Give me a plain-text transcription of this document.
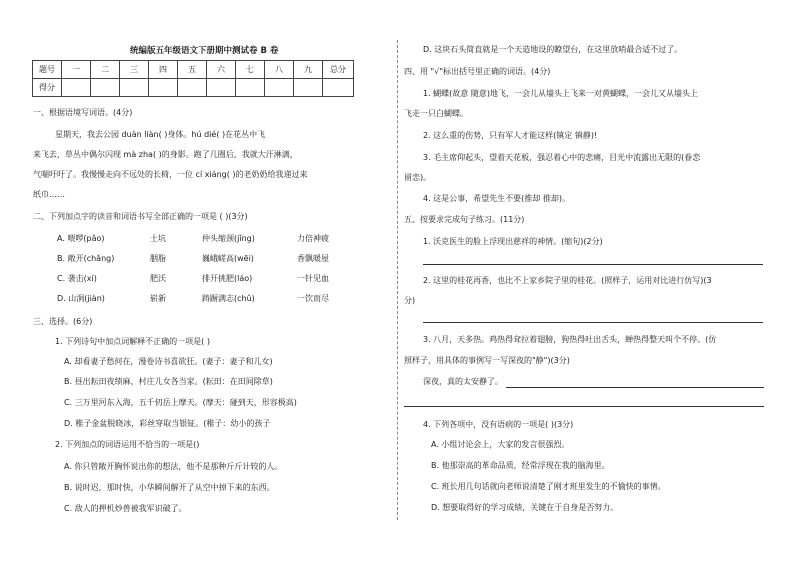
统编版五年级语文下册期中测试卷 B 卷
题号	一	二	三	四	五	六	七	八	九	总分
得分										
一、根据语境写词语。(4分)
星期天，我去公园 duàn liàn( )身体。hú dié( )在花丛中飞
来飞去，草丛中偶尔闪现 mà zha( )的身影。跑了几圈后，我就大汗淋漓，
气喘吁吁了。我慢慢走向不远处的长椅，一位 cí xiáng( )的老奶奶给我递过来
纸巾……
二、下列加点字的读音和词语书写全部正确的一项是 ( )(3分)
A. 喂啰(pǎo)	土坑	仲头缩颈(jǐng)	力倍神疲
B. 敞开(chǎng)	胭脂	巍峨嵯高(wēi)	香飘暖屋
C. 袭击(xí)	肥沃	排开挑肥(láo)	一针见血
D. 山涧(jiàn)	崭新	踌蹰满志(chǔ)	一饮而尽
三、选择。(6分)
1. 下列诗句中加点词解释不正确的一项是( )
A. 却看妻子愁何在，漫卷诗书喜欲狂。(妻子：妻子和儿女)
B. 昼出耘田夜绩麻，村庄儿女各当家。(耘田：在田间除草)
C. 三万里河东入海，五千仞岳上摩天。(摩天：碰到天，形容极高)
D. 稚子金盆脱晓冰，彩丝穿取当银钲。(稚子：幼小的孩子
2. 下列加点的词语运用不恰当的一项是()
A. 你只管敞开胸怀说出你的想法，他不是那种斤斤计较的人。
B. 说时迟，那时快，小华瞬间解开了从空中掉下来的东西。
C. 敌人的押机炒兽被我军识破了。
D. 这块石头简直就是一个天造地设的瞭望台，在这里放哨最合适不过了。
四、用 "√"标出括号里正确的词语。(4分)
1. 蝴蝶(故意 随意)地飞，一会儿从墙头上飞来一对黄蝴蝶，一会儿又从墙头上
飞走一只白蝴蝶。
2. 这么重的伤势，只有军人才能这样(镇定 镇静)!
3. 毛主席仰起头，望着天花板，强忍着心中的悲痛，目光中流露出无限的(眷恋
留恋)。
4. 这是公事，希望先生不要(推却 推却)。
五、按要求完成句子练习。(11分)
1. 沃克医生的脸上浮现出慈祥的神情。(缩句)(2分)
2. 这里的桂花再香，也比不上家乡院子里的桂花。(照样子，运用对比进行仿写)(3
分)
3. 八月，天多热。鸡热得耷拉着翅膀，狗热得吐出舌头，蝉热得整天叫个不停。(仿
照样子，用具体的事例写一写深夜的"静")(3分)
深夜，真的太安静了。
4. 下列各项中，没有语病的一项是( )(3分)
A. 小组讨论会上，大家的发言很强烈。
B. 他那崇高的革命品质，经常浮现在我的脑海里。
C. 班长用几句话就向老师说清楚了刚才班里发生的不愉快的事情。
D. 想要取得好的学习成绩，关键在于自身是否努力。
